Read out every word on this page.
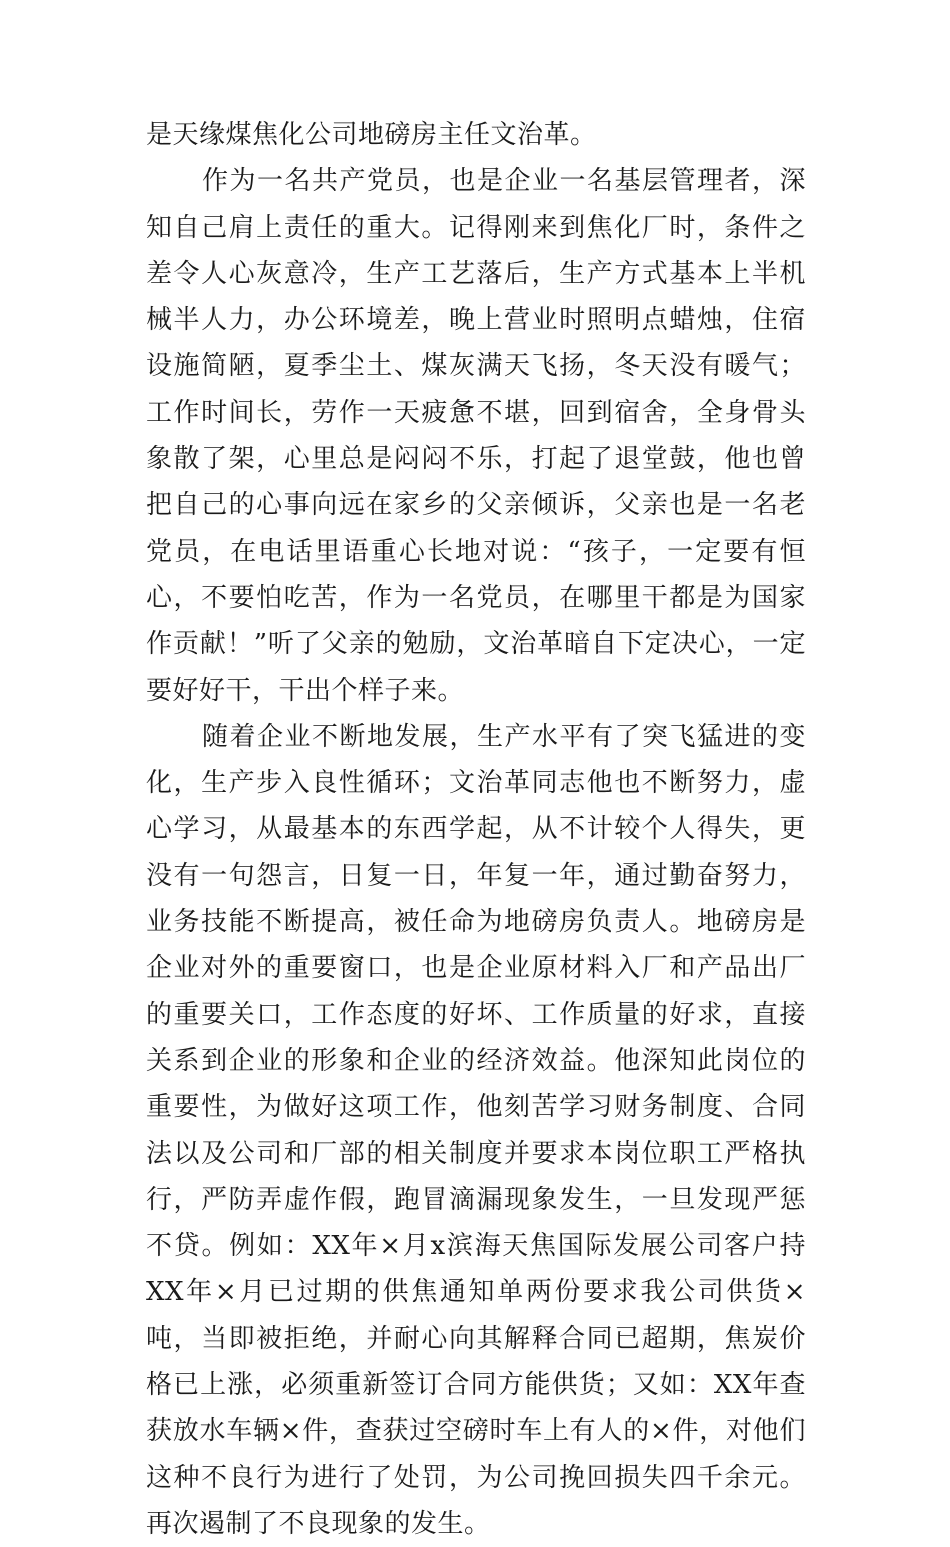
是天缘煤焦化公司地磅房主任文治革。

作为一名共产党员，也是企业一名基层管理者，深知自己肩上责任的重大。记得刚来到焦化厂时，条件之差令人心灰意冷，生产工艺落后，生产方式基本上半机械半人力，办公环境差，晚上营业时照明点蜡烛，住宿设施简陋，夏季尘土、煤灰满天飞扬，冬天没有暖气；工作时间长，劳作一天疲惫不堪，回到宿舍，全身骨头象散了架，心里总是闷闷不乐，打起了退堂鼓，他也曾把自己的心事向远在家乡的父亲倾诉，父亲也是一名老党员，在电话里语重心长地对说：“孩子，一定要有恒心，不要怕吃苦，作为一名党员，在哪里干都是为国家作贡献！”听了父亲的勉励，文治革暗自下定决心，一定要好好干，干出个样子来。

随着企业不断地发展，生产水平有了突飞猛进的变化，生产步入良性循环；文治革同志他也不断努力，虚心学习，从最基本的东西学起，从不计较个人得失，更没有一句怨言，日复一日，年复一年，通过勤奋努力，业务技能不断提高，被任命为地磅房负责人。地磅房是企业对外的重要窗口，也是企业原材料入厂和产品出厂的重要关口，工作态度的好坏、工作质量的好求，直接关系到企业的形象和企业的经济效益。他深知此岗位的重要性，为做好这项工作，他刻苦学习财务制度、合同法以及公司和厂部的相关制度并要求本岗位职工严格执行，严防弄虚作假，跑冒滴漏现象发生，一旦发现严惩不贷。例如：XX年×月x滨海天焦国际发展公司客户持XX年×月已过期的供焦通知单两份要求我公司供货×吨，当即被拒绝，并耐心向其解释合同已超期，焦炭价格已上涨，必须重新签订合同方能供货；又如：XX年查获放水车辆×件，查获过空磅时车上有人的×件，对他们这种不良行为进行了处罚，为公司挽回损失四千余元。再次遏制了不良现象的发生。
